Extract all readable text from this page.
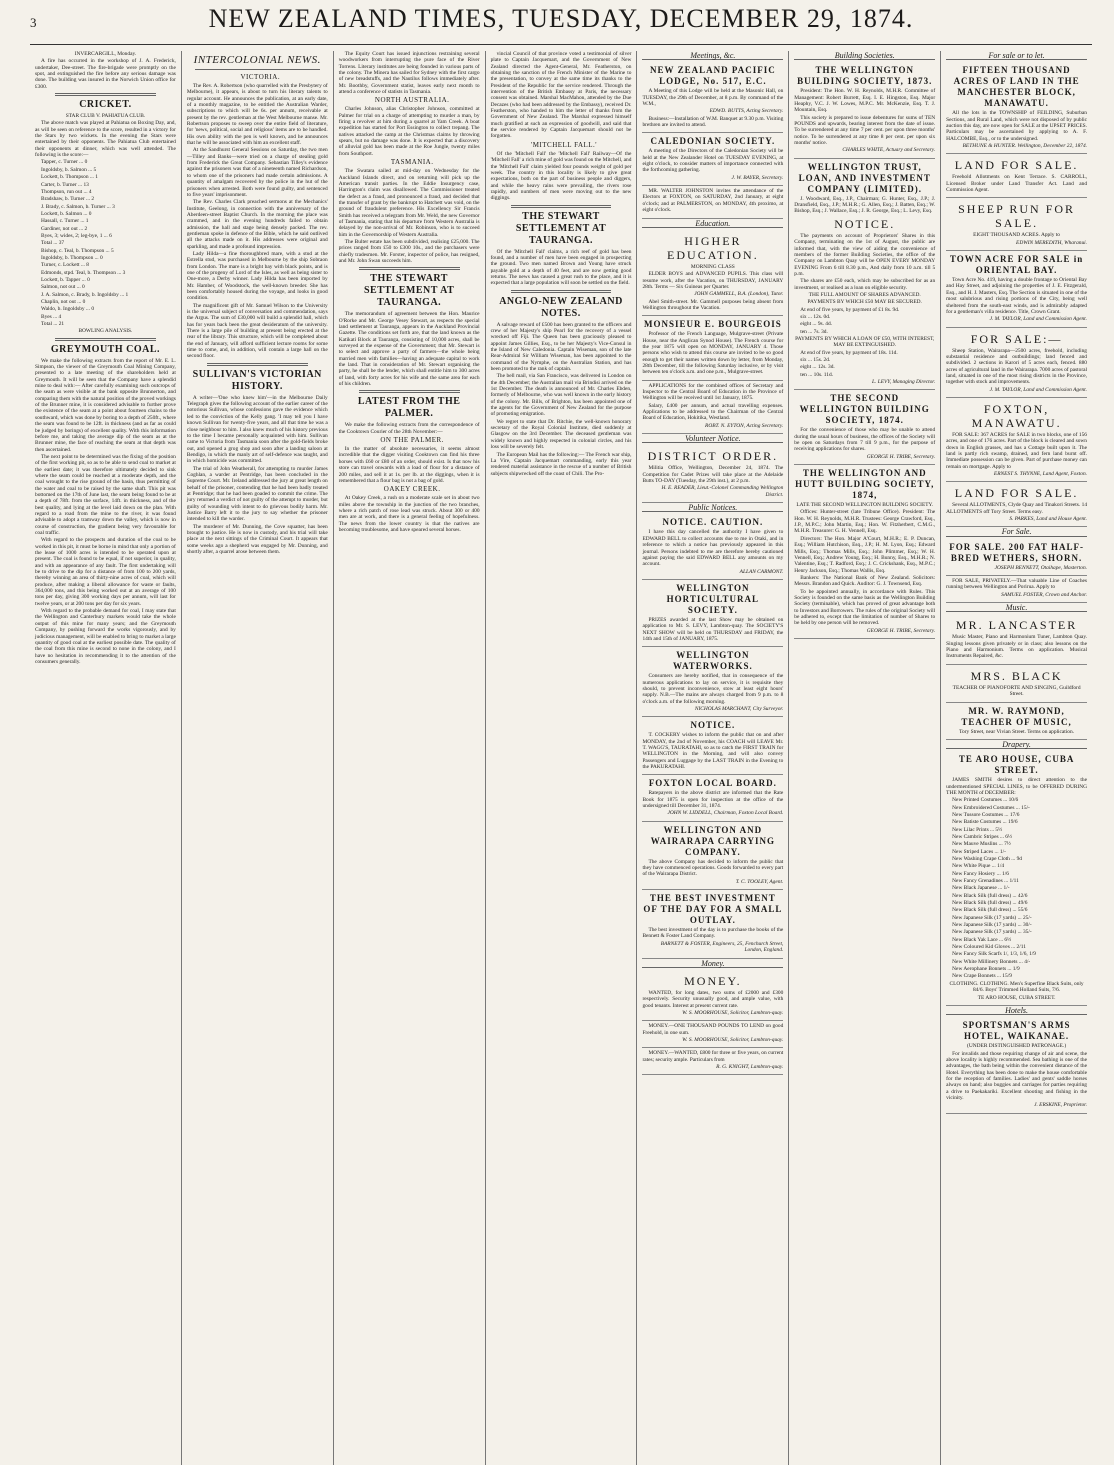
3	NEW ZEALAND TIMES, TUESDAY, DECEMBER 29, 1874.

INVERCARGILL, Monday.

A fire has occurred in the workshop of J. A. Frederick, undertaker, Dee-street. The fire-brigade were promptly on the spot, and extinguished the fire before any serious damage was done. The building was insured in the Norwich Union office for £300.

CRICKET.

STAR CLUB V. PAHIATUA CLUB.

The above match was played at Pahiatua on Boxing Day, and, as will be seen on reference to the score, resulted in a victory for the Stars by two wickets. In the evening the Stars were entertained by their opponents. The Pahiatua Club entertained their opponents at dinner, which was well attended. The following is the score:—

Tapper, c. Turner ... 0

Ingoldsby, b. Salmon ... 5

Lockett, b. Thompson ... 1

Carter, b. Turner ... 13

Thompson, run out ... 4

Bradshaw, b. Turner ... 2

J. Brady, c. Salmon, b. Turner ... 3

Lockett, b. Salmon ... 0

Hassall, c. Turner ... 1

Gardiner, not out ... 2

Byes, 3; wides, 2; leg-bye, 1 ... 6

Total ... 37

Bishop, c. Teal, b. Thompson ... 5

Ingoldsby, b. Thompson ... 0

Turner, c. Lockett ... 8

Edmonds, stpd. Teal, b. Thompson ... 3

Lockett, b. Tapper ... 0

Salmon, not out ... 0

J. A. Salmon, c. Brady, b. Ingoldsby ... 1

Chaplin, not out ... 0

Waldo, b. Ingoldsby ... 0

Byes ... 4

Total ... 21

BOWLING ANALYSIS.

GREYMOUTH COAL.

We make the following extracts from the report of Mr. E. L. Simpson, the viewer of the Greymouth Coal Mining Company, presented to a late meeting of the shareholders held at Greymouth. It will be seen that the Company have a splendid mine to deal with:— After carefully examining such outcrops of the seam as were visible at the bank opposite Brunnerton, and comparing them with the natural position of the proved workings of the Brunner mine, it is considered advisable to further prove the existence of the seam at a point about fourteen chains to the southward, which was done by boring to a depth of 250ft., where the seam was found to be 12ft. in thickness (and as far as could be judged by borings) of excellent quality. With this information before me, and taking the average dip of the seam as at the Brunner mine, the face of reaching the seam at that depth was then ascertained.

The next point to be determined was the fixing of the position of the first working pit, so as to be able to send coal to market at the earliest date; it was therefore ultimately decided to sink where the seam could be reached at a moderate depth, and the coal wrought to the rise ground of the basin, thus permitting of the water and coal to be raised by the same shaft. This pit was bottomed on the 17th of June last, the seam being found to be at a depth of 78ft. from the surface, 14ft. in thickness, and of the best quality, and lying at the level laid down on the plan. With regard to a road from the mine to the river, it was found advisable to adopt a tramway down the valley, which is now in course of construction, the gradient being very favourable for coal traffic.

With regard to the prospects and duration of the coal to be worked in this pit, it must be borne in mind that only a portion of the lease of 1000 acres is intended to be operated upon at present. The coal is found to be equal, if not superior, in quality, and with an appearance of any fault. The first undertaking will be to drive to the dip for a distance of from 100 to 200 yards, thereby winning an area of thirty-nine acres of coal, which will produce, after making a liberal allowance for waste or faults, 364,000 tons, and this being worked out at an average of 100 tons per day, giving 300 working days per annum, will last for twelve years, or at 200 tons per day for six years.

With regard to the probable demand for coal, I may state that the Wellington and Canterbury markets would take the whole output of this mine for many years; and the Greymouth Company, by pushing forward the works vigorously, and by judicious management, will be enabled to bring to market a large quantity of good coal at the earliest possible date. The quality of the coal from this mine is second to none in the colony, and I have no hesitation in recommending it to the attention of the consumers generally.

INTERCOLONIAL NEWS.

VICTORIA.

The Rev. A. Robertson (who quarrelled with the Presbytery of Melbourne), it appears, is about to turn his literary talents to regular account. He announces the publication, at an early date, of a monthly magazine, to be entitled the Australian Warder, subscriptions to which will be 6s. per annum, receivable at present by the rev. gentleman at the West Melbourne manse. Mr. Robertson proposes to sweep over the entire field of literature, for 'news, political, social and religious' items are to be handled. His own ability with the pen is well known, and he announces that he will be associated with him an excellent staff.

At the Sandhurst General Sessions on Saturday, the two men—Tilley and Banks—were tried on a charge of stealing gold from Frederick the Great Company. Sebastian Tilley's evidence against the prisoners was that of a nineteenth named Richardson, to whom one of the prisoners had made certain admissions. A quantity of amalgam recovered by the police in the hut of the prisoners when arrested. Both were found guilty, and sentenced to five years' imprisonment.

The Rev. Charles Clark preached sermons at the Mechanics' Institute, Geelong, in connection with the anniversary of the Aberdeen-street Baptist Church. In the morning the place was crammed, and in the evening hundreds failed to obtain admission, the hall and stage being densely packed. The rev. gentleman spoke in defence of the Bible, which he said outlived all the attacks made on it. His addresses were original and sparkling, and made a profound impression.

Lady Hilda—a fine thoroughbred mare, with a stud at the Estrella stud, was purchased in Melbourne by the ship Sobraon from London. The mare is a bright bay with black points, and is one of the progeny of Lord of the Isles, as well as being sister to One-more, a Derby winner. Lady Hilda has been imported by Mr. Hamber, of Woodstock, the well-known breeder. She has been comfortably housed during the voyage, and looks in good condition.

The magnificent gift of Mr. Samuel Wilson to the University is the universal subject of conversation and commendation, says the Argus. The sum of £30,000 will build a splendid hall, which has for years back been the great desideratum of the university. There is a large pile of building at present being erected at the rear of the library. This structure, which will be completed about the end of January, will afford sufficient lecture rooms for some time to come, and, in addition, will contain a large hall on the second floor.

SULLIVAN'S VICTORIAN HISTORY.

A writer—'One who knew him'—in the Melbourne Daily Telegraph gives the following account of the earlier career of the notorious Sullivan, whose confessions gave the evidence which led to the conviction of the Kelly gang. 'I may tell you I have known Sullivan for twenty-five years, and all that time he was a close neighbour to him. I also knew much of his history previous to the time I became personally acquainted with him. Sullivan came to Victoria from Tasmania soon after the gold-fields broke out, and opened a grog shop and soon after a landing saloon at Bendigo, in which the manly art of self-defence was taught, and in which homicide was committed.

The trial of John Weatherall, for attempting to murder James Coghlan, a warder at Pentridge, has been concluded in the Supreme Court. Mr. Ireland addressed the jury at great length on behalf of the prisoner, contending that he had been badly treated at Pentridge; that he had been goaded to commit the crime. The jury returned a verdict of not guilty of the attempt to murder, but guilty of wounding with intent to do grievous bodily harm. Mr. Justice Barry left it to the jury to say whether the prisoner intended to kill the warder.

The murderer of Mr. Dunning, the Cove squatter, has been brought to justice. He is now in custody, and his trial will take place at the next sittings of the Criminal Court. It appears that some weeks ago a shepherd was engaged by Mr. Dunning, and shortly after, a quarrel arose between them.

The Equity Court has issued injunctions restraining several woodworkers from interrupting the pure face of the River Torrens. Literary institutes are being founded in various parts of the colony. The Minera has sailed for Sydney with the first cargo of new breadstuffs, and the Nautilus follows immediately after. Mr. Boothby, Government statist, leaves early next month to attend a conference of statists in Tasmania.

NORTH AUSTRALIA.

Charles Johnson, alias Christopher Johnson, committed at Palmer for trial on a charge of attempting to murder a man, by firing a revolver at him during a quarrel at Yam Creek. A boat expedition has started for Port Essington to collect trepang. The natives attacked the camp at the Christmas claims by throwing spears, but no damage was done. It is expected that a discovery of alluvial gold has been made at the Roe Jungle, twenty miles from Southport.

TASMANIA.

The Swatara sailed at mid-day on Wednesday for the Auckland Islands direct, and on returning will pick up the American transit parties. In the Eddie Insurgency case, Harrington's claim was disallowed. The Commissioner treated the defect as a fraud, and pronounced a fraud, and decided that the transfer of grant by the bankrupt to Hatchett was void, on the ground of fraudulent preference. His Excellency Sir Francis Smith has received a telegram from Mr. Weld, the new Governor of Tasmania, stating that his departure from Western Australia is delayed by the non-arrival of Mr. Robinson, who is to succeed him in the Governorship of Western Australia.

The Bulter estate has been subdivided, realising £25,000. The prices ranged from £50 to £300 10s., and the purchasers were chiefly tradesmen. Mr. Forster, inspector of police, has resigned, and Mr. John Swan succeeds him.

THE STEWART SETTLEMENT AT TAURANGA.

The memorandum of agreement between the Hon. Maurice O'Rorke and Mr. George Vesey Stewart, as respects the special land settlement at Tauranga, appears in the Auckland Provincial Gazette. The conditions set forth are, that the land known as the Katikati Block at Tauranga, consisting of 10,000 acres, shall be surveyed at the expense of the Government; that Mr. Stewart is to select and approve a party of farmers—the whole being married men with families—having an adequate capital to work the land. That in consideration of Mr. Stewart organising the party, he shall be the lender, which shall entitle him to 300 acres of land, with forty acres for his wife and the same area for each of his children.

LATEST FROM THE PALMER.

We make the following extracts from the correspondence of the Cooktown Courier of the 28th November:—

ON THE PALMER.

In the matter of absolute necessaries, it seems almost incredible that the digger visiting Cooktown can find his three horses with £60 or £80 of an order, should exist. Is that now his store can travel onwards with a load of flour for a distance of 200 miles, and sell it at 1s. per lb. at the diggings, when it is remembered that a flour bag is not a bag of gold.

OAKEY CREEK.

At Oakey Creek, a rush on a moderate scale set in about two miles above the township in the junction of the two branches, where a rich patch of rose lead was struck. About 300 or 400 men are at work, and there is a general feeling of hopefulness. The news from the lower country is that the natives are becoming troublesome, and have speared several horses.

vincial Council of that province voted a testimonial of silver plate to Captain Jacquemart, and the Government of New Zealand directed the Agent-General, Mr. Featherston, on obtaining the sanction of the French Minister of the Marine to the presentation, to convey at the same time its thanks to the President of the Republic for the service rendered. Through the intervention of the British Embassy at Paris, the necessary consent was obtained. Marshal MacMahon, attended by the Due Decazes (who had been addressed by the Embassy), received Dr. Featherston, who handed to him the letter of thanks from the Government of New Zealand. The Marshal expressed himself much gratified at such an expression of goodwill, and said that the service rendered by Captain Jacquemart should not be forgotten.

'MITCHELL FALL.'

Of the 'Mitchell Fall' the 'Mitchell Fall' Railway—Of the 'Mitchell Fall' a rich mine of gold was found on the Mitchell, and the 'Mitchell Fall' claim yielded four pounds weight of gold per week. The country in this locality is likely to give great expectations, both on the part of business people and diggers, and while the heavy rains were prevailing, the rivers rose rapidly, and numbers of men were moving out to the new diggings.

THE STEWART SETTLEMENT AT TAURANGA.

Of the 'Mitchell Fall' claims, a rich reef of gold has been found, and a number of men have been engaged in prospecting the ground. Two men named Brown and Young have struck payable gold at a depth of 40 feet, and are now getting good returns. The news has caused a great rush to the place, and it is expected that a large population will soon be settled on the field.

ANGLO-NEW ZEALAND NOTES.

A salvage reward of £500 has been granted to the officers and crew of her Majesty's ship Pearl for the recovery of a vessel wrecked off Fiji. The Queen has been graciously pleased to appoint James Gillies, Esq., to be her Majesty's Vice-Consul in the Island of New Caledonia. Captain Wiseman, son of the late Rear-Admiral Sir William Wiseman, has been appointed to the command of the Nymphe, on the Australian Station, and has been promoted to the rank of captain.

The bell mail, via San Francisco, was delivered in London on the 4th December; the Australian mail via Brindisi arrived on the 1st December. The death is announced of Mr. Charles Ebden, formerly of Melbourne, who was well known in the early history of the colony. Mr. Bills, of Brighton, has been appointed one of the agents for the Government of New Zealand for the purpose of promoting emigration.

We regret to state that Dr. Ritchie, the well-known honorary secretary of the Royal Colonial Institute, died suddenly at Glasgow on the 3rd December. The deceased gentleman was widely known and highly respected in colonial circles, and his loss will be severely felt.

The European Mail has the following:— The French war ship, La Vire, Captain Jacquemart commanding, early this year rendered material assistance in the rescue of a number of British subjects shipwrecked off the coast of Chili. The Pro-

Meetings, &c.
NEW ZEALAND PACIFIC LODGE, No. 517, E.C.

A Meeting of this Lodge will be held at the Masonic Hall, on TUESDAY, the 29th of December, at 8 p.m. By command of the W.M.,

EDWD. BUTTS, Acting Secretary.

Business:—Installation of W.M. Banquet at 9.30 p.m. Visiting brethren are invited to attend.

CALEDONIAN SOCIETY.

A meeting of the Directors of the Caledonian Society will be held at the New Zealander Hotel on TUESDAY EVENING, at eight o'clock, to consider matters of importance connected with the forthcoming gathering.

J. W. BAYER, Secretary.

MR. WALTER JOHNSTON invites the attendance of the Electors at FOXTON, on SATURDAY, 2nd January, at eight o'clock; and at PALMERSTON, on MONDAY, 4th proximo, at eight o'clock.

Education.
HIGHER EDUCATION.

MORNING CLASS

ELDER BOYS and ADVANCED PUPILS. This class will resume work, after the Vacation, on THURSDAY, JANUARY 28th. Terms — Six Guineas per Quarter.

JOHN GAMMELL, B.A. (London), Tutor.

Abel Smith-street. Mr. Gammell purposes being absent from Wellington throughout the Vacation.

MONSIEUR E. BOURGEOIS

Professor of the French Language, Mulgrave-street (Private House, near the Anglican Synod House). The French course for the year 1875 will open on MONDAY, JANUARY 4. Those persons who wish to attend this course are invited to be so good enough to get their names written down by letter, from Monday, 28th December, till the following Saturday inclusive, or by visit between ten o'clock a.m. and one p.m., Mulgrave-street.

APPLICATIONS for the combined offices of Secretary and Inspector to the Central Board of Education in the Province of Wellington will be received until 1st January, 1875.

Salary, £400 per annum, and actual travelling expenses. Applications to be addressed to the Chairman of the Central Board of Education, Hokitika, Westland.

ROBT. N. EYTON, Acting Secretary.

Volunteer Notice.
DISTRICT ORDER.

Militia Office, Wellington, December 24, 1874. The Competition for Cadet Prizes will take place at the Adelaide Butts TO-DAY (Tuesday, the 29th inst.), at 2 p.m.

H. E. READER, Lieut.-Colonel Commanding Wellington District.

Public Notices.
NOTICE. CAUTION.

I have this day cancelled the authority I have given to EDWARD BELL to collect accounts due to me in Otaki, and in reference to which a notice has previously appeared in this journal. Persons indebted to me are therefore hereby cautioned against paying the said EDWARD BELL any amounts on my account.

ALLAN CARMONT.

WELLINGTON HORTICULTURAL SOCIETY.

PRIZES awarded at the last Show may be obtained on application to Mr. S. LEVY, Lambton-quay. The SOCIETY'S NEXT SHOW will be held on THURSDAY and FRIDAY, the 14th and 15th of JANUARY, 1875.

WELLINGTON WATERWORKS.

Consumers are hereby notified, that in consequence of the numerous applications to lay on service, it is requisite they should, to prevent inconvenience, stow at least eight hours' supply. N.B.—The mains are always charged from 9 p.m. to 8 o'clock a.m. of the following morning.

NICHOLAS MARCHANT, City Surveyor.

NOTICE.

T. COCKERY wishes to inform the public that on and after MONDAY, the 2nd of November, his COACH will LEAVE Mr. T. WAGG'S, TAURATAHI, so as to catch the FIRST TRAIN for WELLINGTON in the Morning, and will also convey Passengers and Luggage by the LAST TRAIN in the Evening to the PAKURATAHI.

FOXTON LOCAL BOARD.

Ratepayers in the above district are informed that the Rate Book for 1875 is open for inspection at the office of the undersigned till December 31, 1874.

JOHN W. LIDDELL, Chairman, Foxton Local Board.

WELLINGTON AND WAIRARAPA CARRYING COMPANY.

The above Company has decided to inform the public that they have commenced operations. Goods forwarded to every part of the Wairarapa District.

T. C. TOOLEY, Agent.

THE BEST INVESTMENT OF THE DAY FOR A SMALL OUTLAY.

The best investment of the day is to purchase the books of the Bennett & Foster Land Company.

BARNETT & FOSTER, Engineers, 25, Fenchurch Street, London, England.

Money.
MONEY.

WANTED, for long dates, two sums of £2000 and £300 respectively. Security unusually good, and ample value, with good tenants. Interest at present current rate.

W. S. MOORHOUSE, Solicitor, Lambton-quay.

MONEY.—ONE THOUSAND POUNDS TO LEND on good Freehold, in one sum.

W. S. MOORHOUSE, Solicitor, Lambton-quay.

MONEY.—WANTED, £800 for three or five years, on current rates; security ample. Particulars from

R. G. KNIGHT, Lambton-quay.

Building Societies.
THE WELLINGTON BUILDING SOCIETY, 1873.

President: The Hon. W. H. Reynolds, M.H.R. Committee of Management: Robert Burrett, Esq. I. E. Hingston, Esq. Major Heaphy, V.C. J. W. Lowes, M.P.C. Mr. McKenzie, Esq. T. J. Mountain, Esq.

This society is prepared to issue debentures for sums of TEN POUNDS and upwards, bearing interest from the date of issue. To be surrendered at any time 7 per cent. per upon three months' notice. To be surrendered at any time 8 per cent. per upon six months' notice.

CHARLES WHITE, Actuary and Secretary.

WELLINGTON TRUST, LOAN, AND INVESTMENT COMPANY (LIMITED).

J. Woodward, Esq., J.P., Chairman; G. Hunter, Esq., J.P.; J. Dransfield, Esq., J.P.; M.H.R.; G. Allen, Esq.; J. Batten, Esq.; W. Bishop, Esq.; J. Wallace, Esq.; J. R. George, Esq.; L. Levy, Esq.

NOTICE.

The payments on account of Proprietors' Shares in this Company, terminating on the 1st of August, the public are informed that, with the view of aiding the convenience of members of the former Building Societies, the office of the Company on Lambton Quay will be OPEN EVERY MONDAY EVENING From 6 till 8.30 p.m., And daily from 10 a.m. till 5 p.m.

The shares are £50 each, which may be subscribed for as an investment, or realised as a loan on eligible security.

THE FULL AMOUNT OF SHARES ADVANCED.

PAYMENTS BY WHICH £50 MAY BE SECURED.

At end of five years, by payment of £1 8s. 9d.

six ... 12s. 0d.

eight ... 9s. 4d.

ten ... 7s. 3d.

PAYMENTS BY WHICH A LOAN OF £50, WITH INTEREST, MAY BE EXTINGUISHED.

At end of five years, by payment of 18s. 11d.

six ... 15s. 2d.

eight ... 12s. 3d.

ten ... 10s. 11d.

L. LEVY, Managing Director.

THE SECOND WELLINGTON BUILDING SOCIETY, 1874.

For the convenience of those who may be unable to attend during the usual hours of business, the offices of the Society will be open on Saturdays from 7 till 9 p.m., for the purpose of receiving applications for shares.

GEORGE H. TRIBE, Secretary.

THE WELLINGTON AND HUTT BUILDING SOCIETY, 1874,

LATE THE SECOND WELLINGTON BUILDING SOCIETY.

Offices: Hunter-street (late Tribune Office). President: The Hon. W. H. Reynolds, M.H.R. Trustees: George Crawford, Esq., J.P., M.P.C.; John Martin, Esq.; Hon. W. Fitzherbert, C.M.G., M.H.R. Treasurer: G. H. Vennell, Esq.

Directors: The Hon. Major A'Court, M.H.R.; E. P. Duncan, Esq.; William Hutchison, Esq., J.P.; H. M. Lyon, Esq.; Edward Mills, Esq.; Thomas Mills, Esq.; John Plimmer, Esq.; W. H. Vennell, Esq.; Andrew Young, Esq.; H. Bunny, Esq., M.H.R.; N. Valentine, Esq.; T. Radford, Esq.; J. C. Crickshank, Esq., M.P.C.; Henry Jackson, Esq.; Thomas Wallis, Esq.

Bankers: The National Bank of New Zealand. Solicitors: Messrs. Brandon and Quick. Auditor: G. J. Townsend, Esq.

To be appointed annually, in accordance with Rules. This Society is founded on the same basis as the Wellington Building Society (terminable), which has proved of great advantage both to Investors and Borrowers. The rules of the original Society will be adhered to, except that the limitation of number of Shares to be held by one person will be removed.

GEORGE H. TRIBE, Secretary.

For sale or to let.
FIFTEEN THOUSAND ACRES OF LAND IN THE MANCHESTER BLOCK, MANAWATU.

All the lots in the TOWNSHIP of FEILDING, Suburban Sections, and Rural Land, which were not disposed of by public auction this day, are now open for SALE at the UPSET PRICES. Particulars may be ascertained by applying to A. F. HALCOMBE, Esq., or to the undersigned.

BETHUNE & HUNTER. Wellington, December 22, 1874.

LAND FOR SALE.

Freehold Allotments on Kent Terrace. S. CARROLL, Licensed Broker under Land Transfer Act. Land and Commission Agent.

SHEEP RUN FOR SALE.

EIGHT THOUSAND ACRES. Apply to

EDWIN MEREDITH, Wharanui.

TOWN ACRE FOR SALE in ORIENTAL BAY.

Town Acre No. 419, having a double frontage to Oriental Bay and Hay Street, and adjoining the properties of J. E. Fitzgerald, Esq., and H. J. Masters, Esq. The Section is situated in one of the most salubrious and rising portions of the City, being well sheltered from the south-east winds, and is admirably adapted for a gentleman's villa residence. Title, Crown Grant.

J. M. TAYLOR, Land and Commission Agent.

FOR SALE:—

Sheep Station, Wairarapa—2500 acres, freehold, including substantial residence and outbuildings; land fenced and subdivided. 2 sections in Karori of 5 acres each, fenced. 880 acres of agricultural land in the Wairarapa. 7000 acres of pastoral land, situated in one of the most rising districts in the Province, together with stock and improvements.

J. M. TAYLOR, Land and Commission Agent.

FOXTON, MANAWATU.

FOR SALE: 367 ACRES for SALE in two blocks, one of 156 acres, and one of 176 acres. Part of the block is cleared and sown down in English grasses, and has a Cottage built upon it. The land is partly rich swamp, drained, and fern land burnt off. Immediate possession can be given. Part of purchase money can remain on mortgage. Apply to

ERNEST S. THYNNE, Land Agent, Foxton.

LAND FOR SALE.

Several ALLOTMENTS, Clyde Quay and Tinakori Streets. 14 ALLOTMENTS off Tory Street. Terms easy.

S. PARKES, Land and House Agent.

For Sale.
FOR SALE. 200 FAT HALF-BRED WETHERS, SHORN.

JOSEPH BENNETT, Otaihape, Masterton.

FOR SALE, PRIVATELY.—That valuable Line of Coaches running between Wellington and Porirua. Apply to

SAMUEL FOSTER, Crown and Anchor.

Music.
MR. LANCASTER

Music Master, Piano and Harmonium Tuner, Lambton Quay. Singing lessons given privately or in class; also lessons on the Piano and Harmonium. Terms on application. Musical Instruments Repaired, &c.

MRS. BLACK

TEACHER OF PIANOFORTE AND SINGING, Guildford Street.

MR. W. RAYMOND, TEACHER OF MUSIC,

Tory Street, near Vivian Street. Terms on application.

Drapery.
TE ARO HOUSE, CUBA STREET.

JAMES SMITH desires to direct attention to the undermentioned SPECIAL LINES, to be OFFERED DURING THE MONTH of DECEMBER:

New Printed Costumes ... 10/6

New Embroidered Costumes ... 15/-

New Tussore Costumes ... 17/6

New Batiste Costumes ... 19/6

New Lilac Prints ... 5½

New Cambric Stripes ... 6½

New Mauve Muslins ... 7½

New Striped Laces ... 1/-

New Washing Crape Cloth ... 9d

New White Pique ... 1/4

New Fancy Hosiery ... 1/6

New Fancy Grenadines ... 1/11

New Black Japanese ... 1/-

New Black Silk (full dress) ... 42/6

New Black Silk (full dress) ... 49/6

New Black Silk (full dress) ... 55/6

New Japanese Silk (17 yards) ... 25/-

New Japanese Silk (17 yards) ... 30/-

New Japanese Silk (17 yards) ... 35/-

New Black Yak Lace ... 6½

New Coloured Kid Gloves ... 2/11

New Fancy Silk Scarfs 1/, 1/3, 1/6, 1/9

New White Millinery Bonnets ... 4/-

New Aerophane Bonnets ... 1/9

New Crape Bonnets ... 15/9

CLOTHING. CLOTHING. Men's Superfine Black Suits, only 84/6. Boys' Trimmed Holland Suits, 7/6.

TE ARO HOUSE, CUBA STREET.

Hotels.
SPORTSMAN'S ARMS HOTEL, WAIKANAE.

(UNDER DISTINGUISHED PATRONAGE.)

For invalids and those requiring change of air and scene, the above locality is highly recommended. Sea bathing is one of the advantages, the bath being within the convenient distance of the Hotel. Everything has been done to make the house comfortable for the reception of families. Ladies' and gents' saddle horses always on hand; also buggies and carriages for parties requiring a drive to Paekakariki. Excellent shooting and fishing in the vicinity.

J. ERSKINE, Proprietor.
